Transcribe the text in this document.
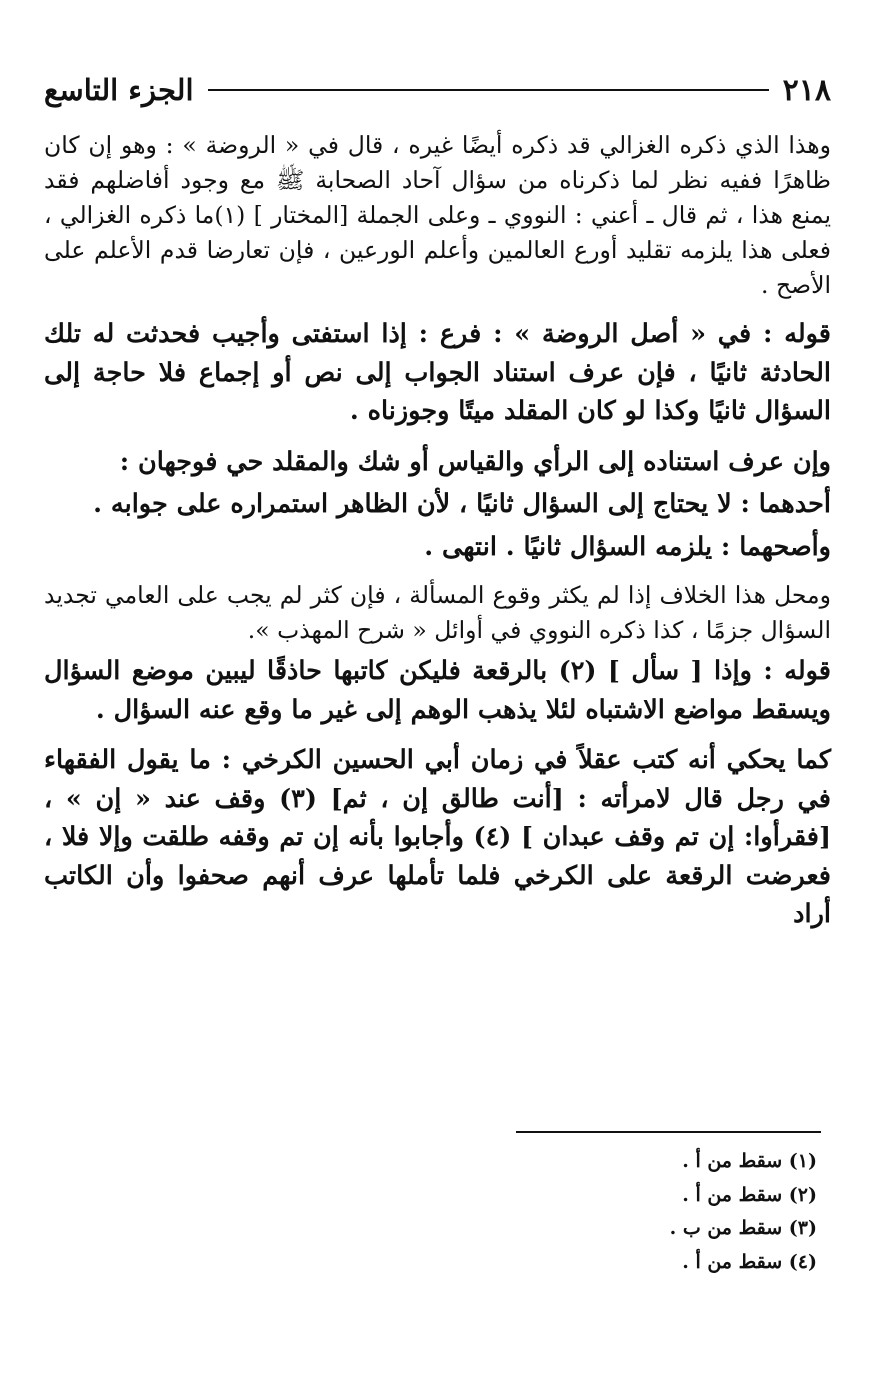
٢١٨
الجزء التاسع

وهذا الذي ذكره الغزالي قد ذكره أيضًا غيره ، قال في « الروضة » : وهو إن كان ظاهرًا ففيه نظر لما ذكرناه من سؤال آحاد الصحابة ﷺ مع وجود أفاضلهم فقد يمنع هذا ، ثم قال ـ أعني : النووي ـ وعلى الجملة [المختار ] (١)ما ذكره الغزالي ، فعلى هذا يلزمه تقليد أورع العالمين وأعلم الورعين ، فإن تعارضا قدم الأعلم على الأصح .

قوله : في « أصل الروضة » : فرع : إذا استفتى وأجيب فحدثت له تلك الحادثة ثانيًا ، فإن عرف استناد الجواب إلى نص أو إجماع فلا حاجة إلى السؤال ثانيًا وكذا لو كان المقلد ميتًا وجوزناه .

وإن عرف استناده إلى الرأي والقياس أو شك والمقلد حي فوجهان :

أحدهما : لا يحتاج إلى السؤال ثانيًا ، لأن الظاهر استمراره على جوابه .

وأصحهما : يلزمه السؤال ثانيًا . انتهى .

ومحل هذا الخلاف إذا لم يكثر وقوع المسألة ، فإن كثر لم يجب على العامي تجديد السؤال جزمًا ، كذا ذكره النووي في أوائل « شرح المهذب ».

قوله : وإذا [ سأل ] (٢) بالرقعة فليكن كاتبها حاذقًا ليبين موضع السؤال ويسقط مواضع الاشتباه لئلا يذهب الوهم إلى غير ما وقع عنه السؤال .

كما يحكي أنه كتب عقلاً في زمان أبي الحسين الكرخي : ما يقول الفقهاء في رجل قال لامرأته : [أنت طالق إن ، ثم] (٣) وقف عند « إن » ، [فقرأوا: إن تم وقف عبدان ] (٤) وأجابوا بأنه إن تم وقفه طلقت وإلا فلا ، فعرضت الرقعة على الكرخي فلما تأملها عرف أنهم صحفوا وأن الكاتب أراد

(١) سقط من أ .

(٢) سقط من أ .

(٣) سقط من ب .

(٤) سقط من أ .
